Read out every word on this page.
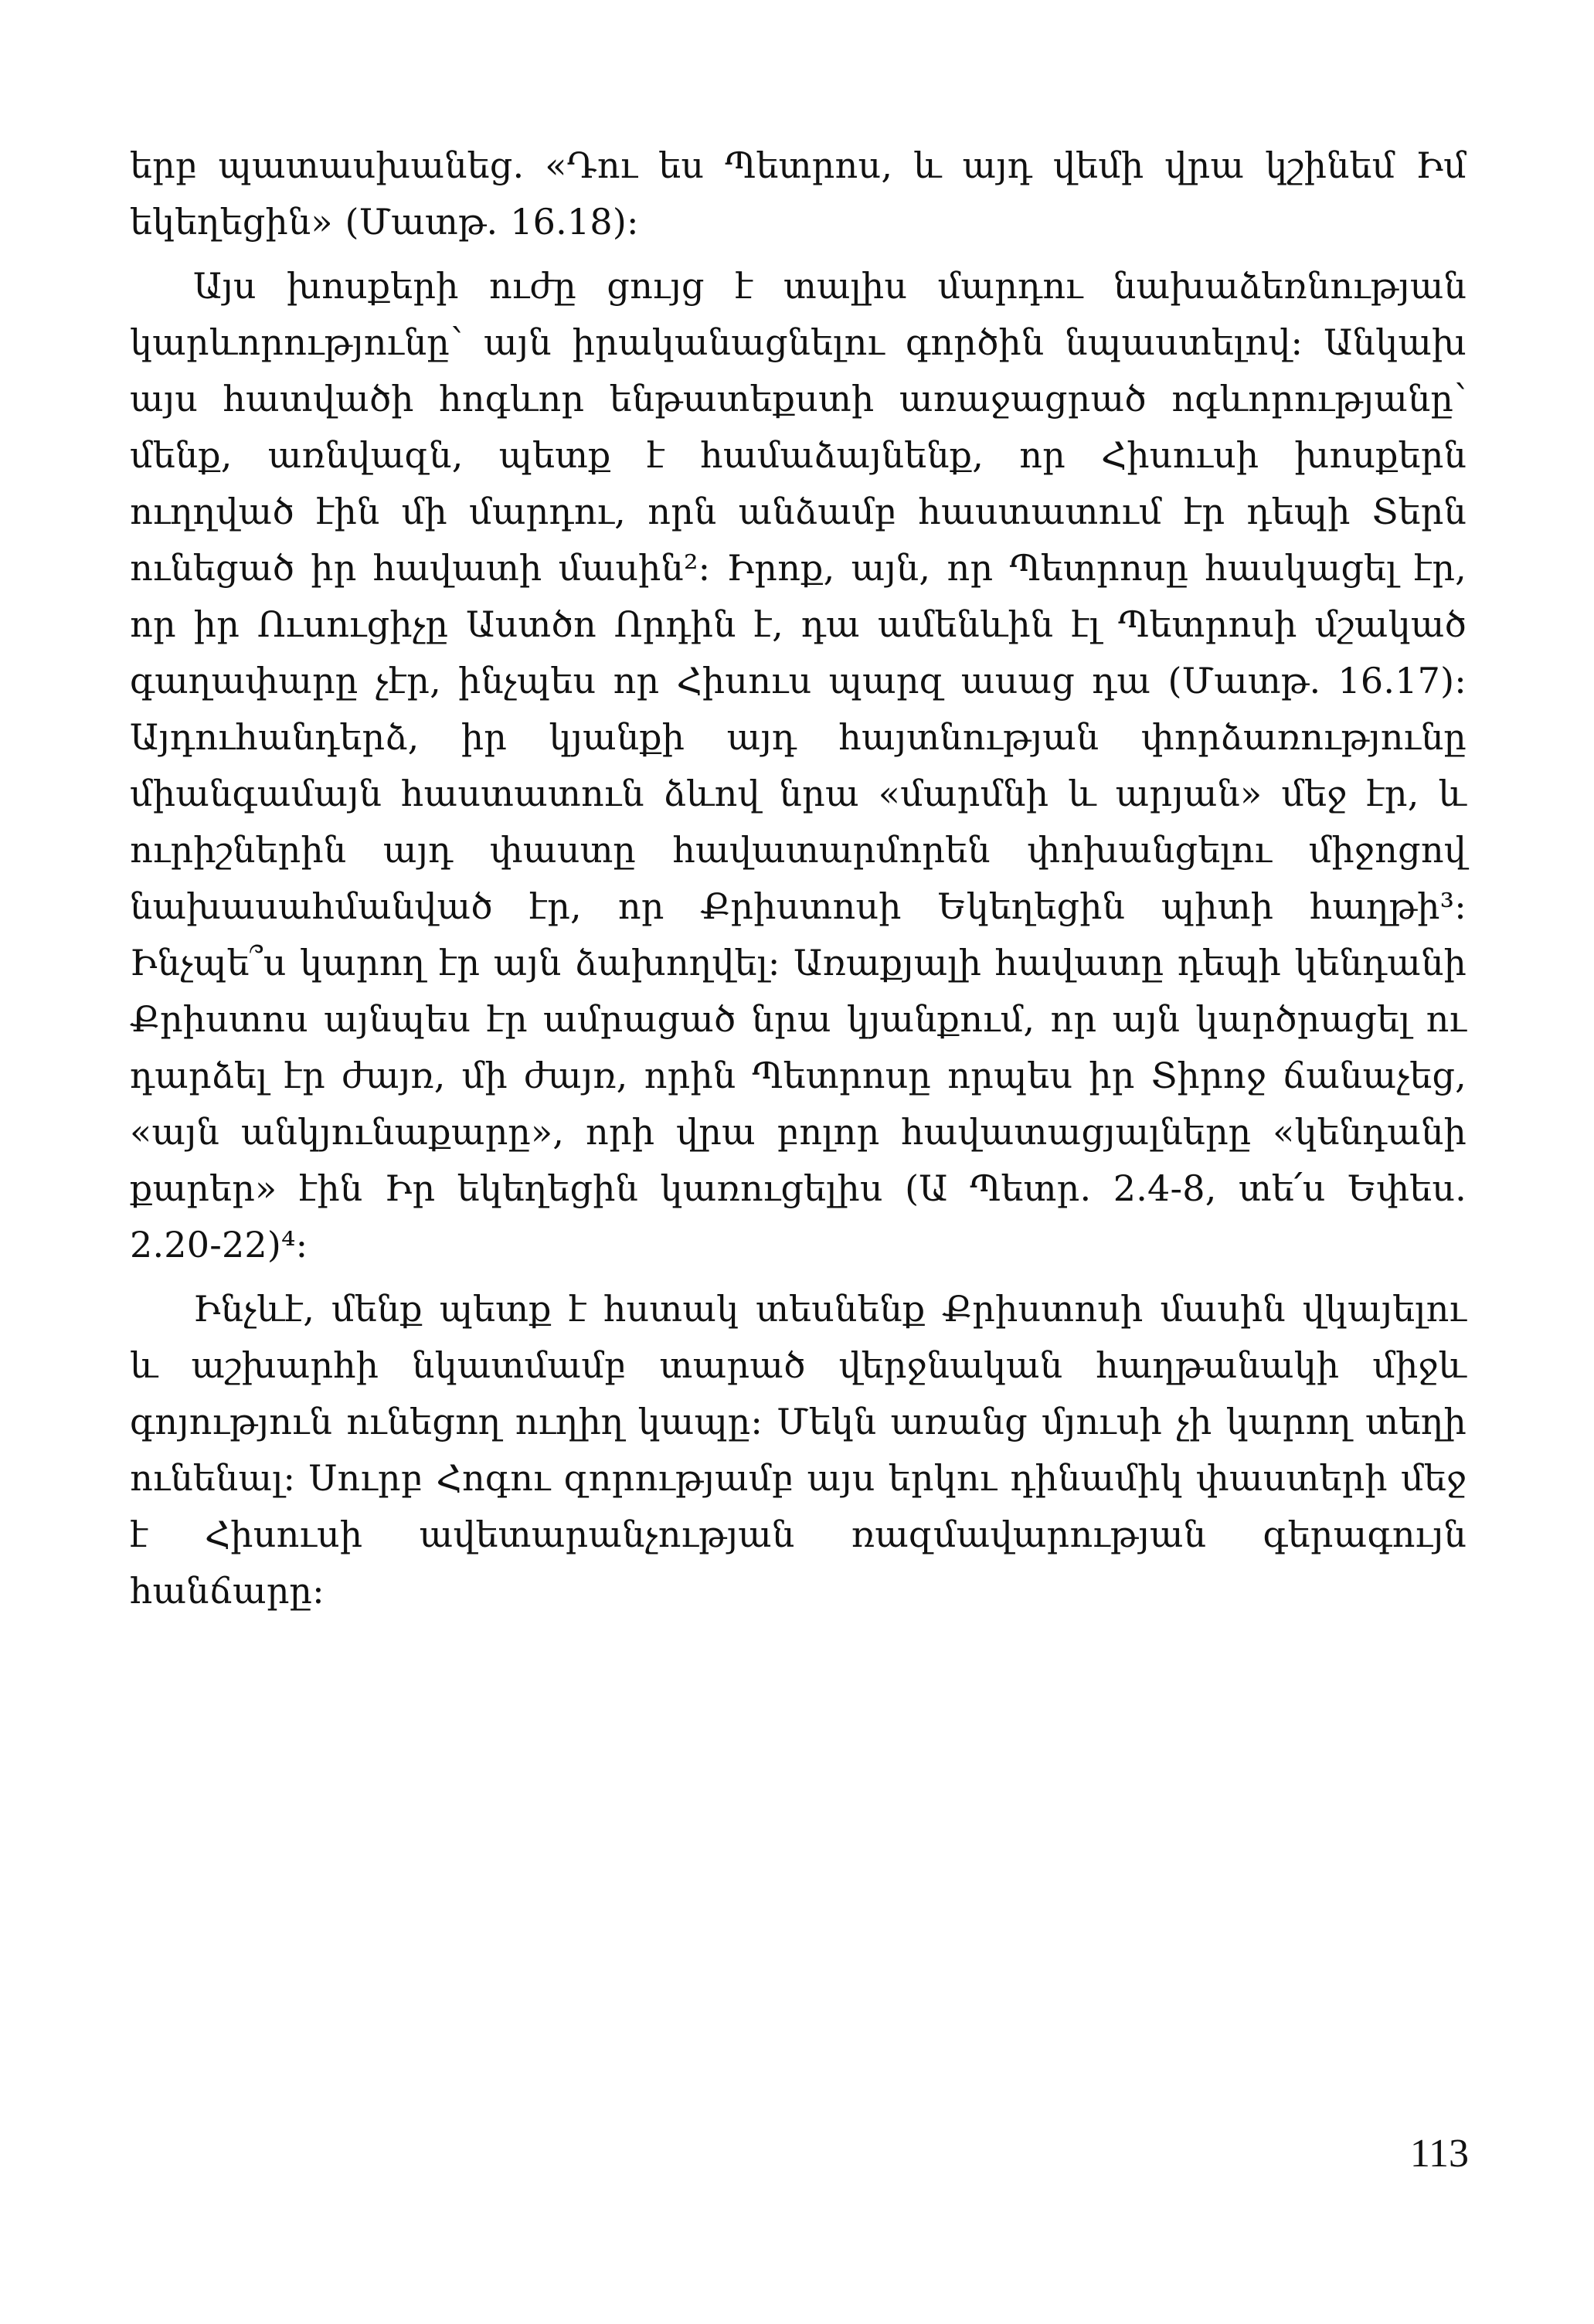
երբ պատասխանեց. «Դու ես Պետրոս, և այդ վեմի վրա կշինեմ Իմ եկեղեցին» (Մատթ. 16.18):

Այս խոսքերի ուժը ցույց է տալիս մարդու նախաձեռնության կարևորությունը՝ այն իրականացնելու գործին նպաստելով: Անկախ այս հատվածի հոգևոր ենթատեքստի առաջացրած ոգևորությանը՝ մենք, առնվազն, պետք է համաձայնենք, որ Հիսուսի խոսքերն ուղղված էին մի մարդու, որն անձամբ հաստատում էր դեպի Տերն ունեցած իր հավատի մասին²: Իրոք, այն, որ Պետրոսը հասկացել էր, որ իր Ուսուցիչը Աստծո Որդին է, դա ամենևին էլ Պետրոսի մշակած գաղափարը չէր, ինչպես որ Հիսուս պարզ ասաց դա (Մատթ. 16.17): Այդուհանդերձ, իր կյանքի այդ հայտնության փորձառությունը միանգամայն հաստատուն ձևով նրա «մարմնի և արյան» մեջ էր, և ուրիշներին այդ փաստը հավատարմորեն փոխանցելու միջոցով նախասահմանված էր, որ Քրիստոսի Եկեղեցին պիտի հաղթի³: Ինչպե՞ս կարող էր այն ձախողվել: Առաքյալի հավատը դեպի կենդանի Քրիստոս այնպես էր ամրացած նրա կյանքում, որ այն կարծրացել ու դարձել էր ժայռ, մի ժայռ, որին Պետրոսը որպես իր Տիրոջ ճանաչեց, «այն անկյունաքարը», որի վրա բոլոր հավատացյալները «կենդանի քարեր» էին Իր եկեղեցին կառուցելիս (Ա Պետր. 2.4-8, տե՛ս Եփես. 2.20-22)⁴:

Ինչևէ, մենք պետք է հստակ տեսնենք Քրիստոսի մասին վկայելու և աշխարհի նկատմամբ տարած վերջնական հաղթանակի միջև գոյություն ունեցող ուղիղ կապը: Մեկն առանց մյուսի չի կարող տեղի ունենալ: Սուրբ Հոգու զորությամբ այս երկու դինամիկ փաստերի մեջ է Հիսուսի ավետարանչության ռազմավարության գերագույն հանճարը:

113
